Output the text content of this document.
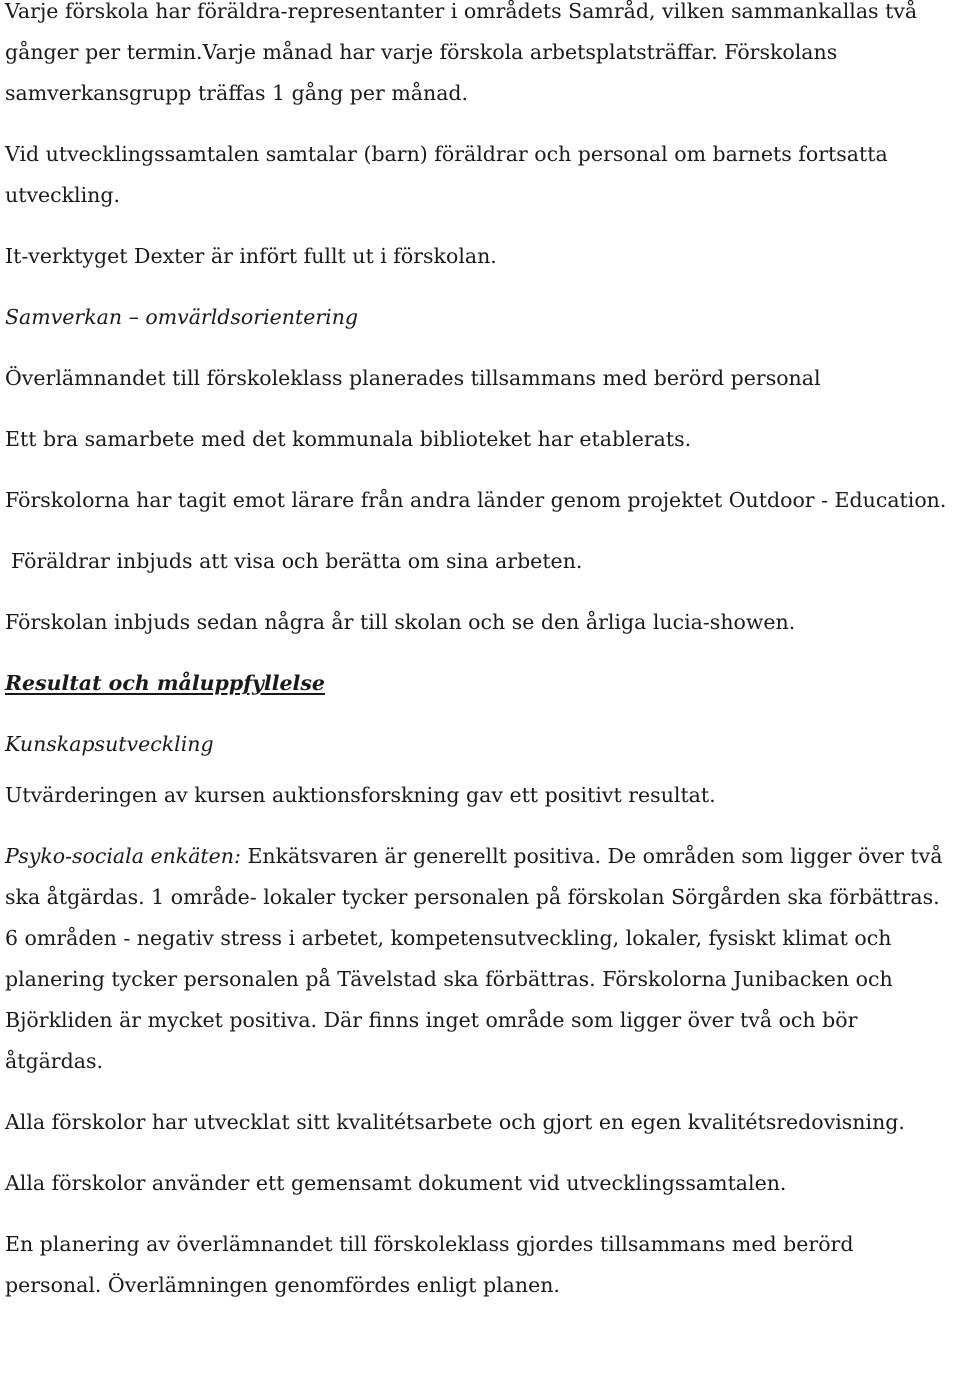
Varje förskola har föräldra-representanter i områdets Samråd, vilken sammankallas två gånger per termin.Varje månad har varje förskola arbetsplatsträffar. Förskolans samverkansgrupp träffas 1 gång per månad.

Vid utvecklingssamtalen samtalar (barn) föräldrar och personal om barnets fortsatta utveckling.

It-verktyget Dexter är infört fullt ut i förskolan.

Samverkan – omvärldsorientering

Överlämnandet till förskoleklass planerades tillsammans med berörd personal

Ett bra samarbete med det kommunala biblioteket har etablerats.

Förskolorna har tagit emot lärare från andra länder genom projektet Outdoor - Education.

Föräldrar inbjuds att visa och berätta om sina arbeten.

Förskolan inbjuds sedan några år till skolan och se den årliga lucia-showen.

Resultat och måluppfyllelse

Kunskapsutveckling

Utvärderingen av kursen auktionsforskning gav ett positivt resultat.

Psyko-sociala enkäten: Enkätsvaren är generellt positiva. De områden som ligger över två ska åtgärdas. 1 område- lokaler tycker personalen på förskolan Sörgården ska förbättras. 6 områden - negativ stress i arbetet, kompetensutveckling, lokaler, fysiskt klimat och planering tycker personalen på Tävelstad ska förbättras. Förskolorna Junibacken och Björkliden är mycket positiva. Där finns inget område som ligger över två och bör åtgärdas.

Alla förskolor har utvecklat sitt kvalitétsarbete och gjort en egen kvalitétsredovisning.

Alla förskolor använder ett gemensamt dokument vid utvecklingssamtalen.

En planering av överlämnandet till förskoleklass gjordes tillsammans med berörd personal. Överlämningen genomfördes enligt planen.
